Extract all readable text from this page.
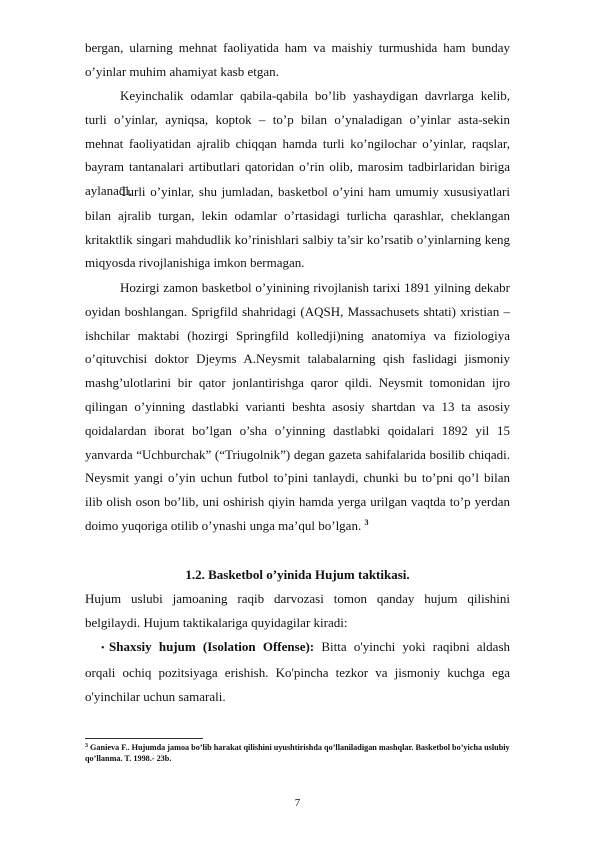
bergan, ularning mehnat faoliyatida ham va maishiy turmushida ham bunday o’yinlar muhim ahamiyat kasb etgan.

Keyinchalik odamlar qabila-qabila bo’lib yashaydigan davrlarga kelib, turli o’yinlar, ayniqsa, koptok – to’p bilan o’ynaladigan o’yinlar asta-sekin mehnat faoliyatidan ajralib chiqqan hamda turli ko’ngilochar o’yinlar, raqslar, bayram tantanalari artibutlari qatoridan o’rin olib, marosim tadbirlaridan biriga aylanadi.

Turli o’yinlar, shu jumladan, basketbol o’yini ham umumiy xususiyatlari bilan ajralib turgan, lekin odamlar o’rtasidagi turlicha qarashlar, cheklangan kritaktlik singari mahdudlik ko’rinishlari salbiy ta’sir ko’rsatib o’yinlarning keng miqyosda rivojlanishiga imkon bermagan.

Hozirgi zamon basketbol o’yinining rivojlanish tarixi 1891 yilning dekabr oyidan boshlangan. Sprigfild shahridagi (AQSH, Massachusets shtati) xristian – ishchilar maktabi (hozirgi Springfild kolledji)ning anatomiya va fiziologiya o’qituvchisi doktor Djeyms A.Neysmit talabalarning qish faslidagi jismoniy mashg’ulotlarini bir qator jonlantirishga qaror qildi. Neysmit tomonidan ijro qilingan o’yinning dastlabki varianti beshta asosiy shartdan va 13 ta asosiy qoidalardan iborat bo’lgan o’sha o’yinning dastlabki qoidalari 1892 yil 15 yanvarda “Uchburchak” (“Triugolnik”) degan gazeta sahifalarida bosilib chiqadi. Neysmit yangi o’yin uchun futbol to’pini tanlaydi, chunki bu to’pni qo’l bilan ilib olish oson bo’lib, uni oshirish qiyin hamda yerga urilgan vaqtda to’p yerdan doimo yuqoriga otilib o’ynashi unga ma’qul bo’lgan. $^3$

1.2. Basketbol o’yinida Hujum taktikasi.

Hujum uslubi jamoaning raqib darvozasi tomon qanday hujum qilishini belgilaydi. Hujum taktikalariga quyidagilar kiradi:

• Shaxsiy hujum (Isolation Offense): Bitta o'yinchi yoki raqibni aldash orqali ochiq pozitsiyaga erishish. Ko'pincha tezkor va jismoniy kuchga ega o'yinchilar uchun samarali.

$^3$ Ganieva F.. Hujumda jamoa bo’lib harakat qilishini uyushtirishda qo’llaniladigan mashqlar. Basketbol bo’yicha uslubiy qo’llanma. T. 1998.- 23b.

7
